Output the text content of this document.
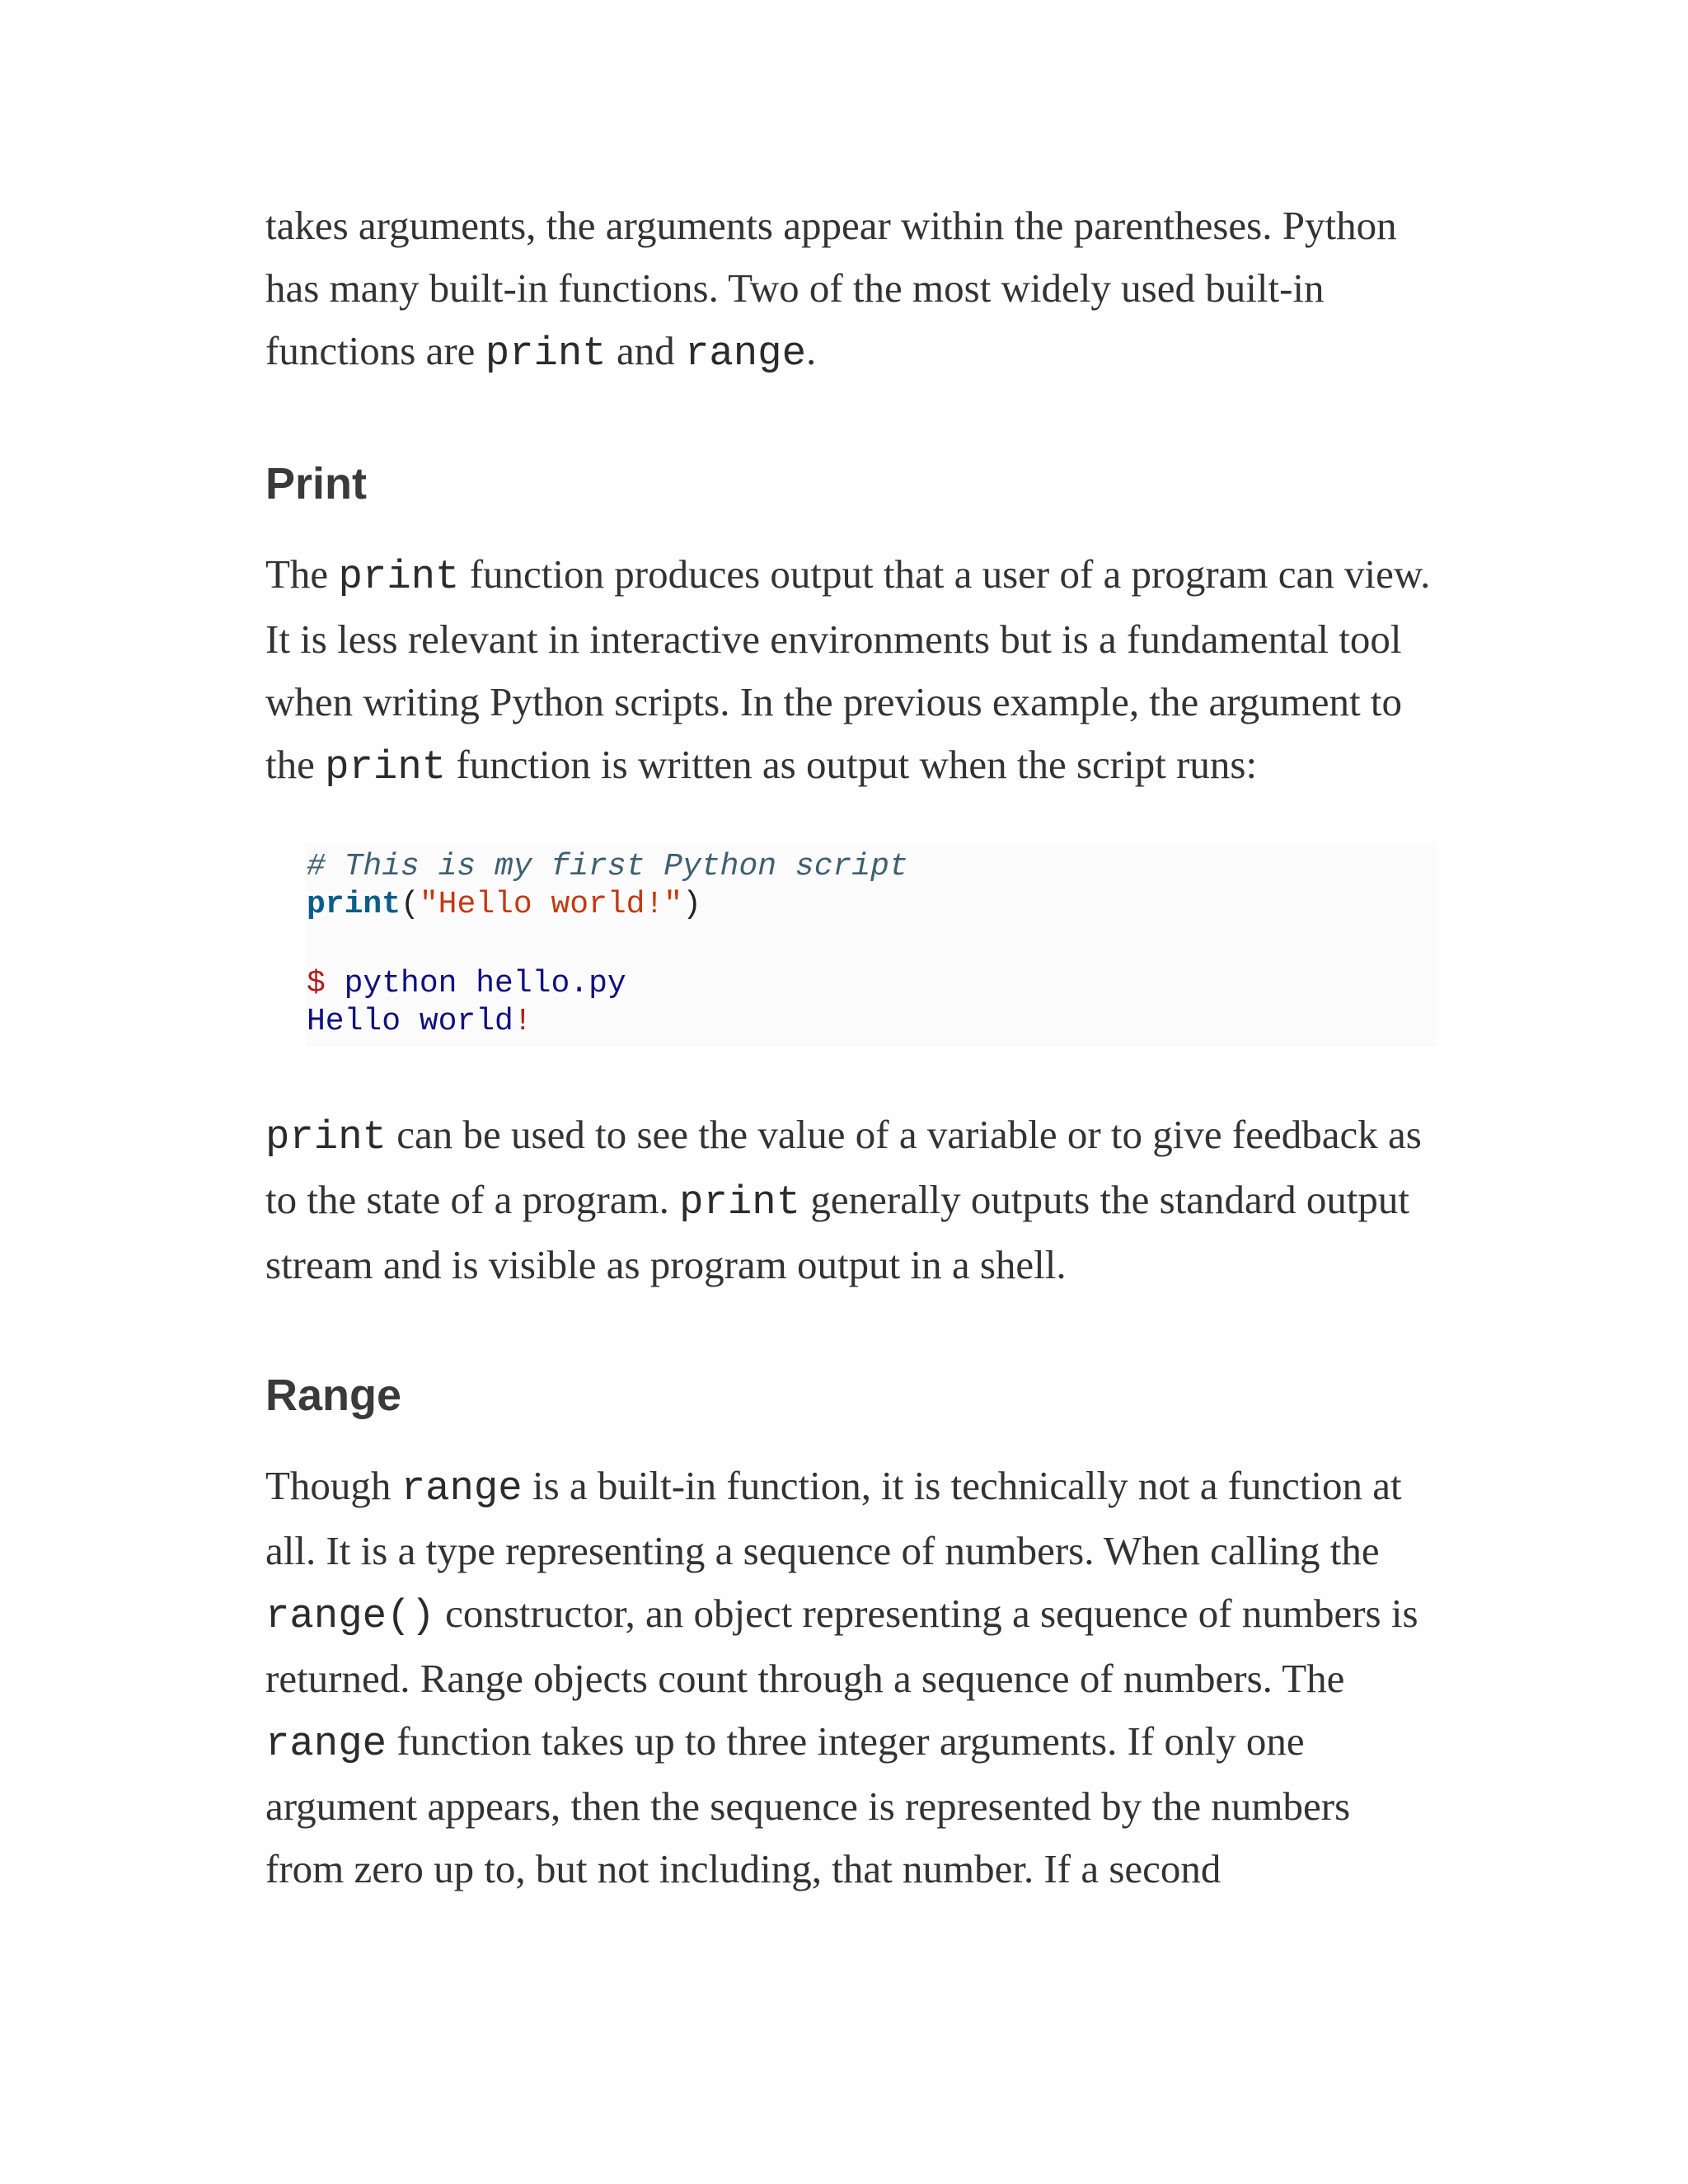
takes arguments, the arguments appear within the parentheses. Python has many built-in functions. Two of the most widely used built-in functions are print and range.

Print

The print function produces output that a user of a program can view. It is less relevant in interactive environments but is a fundamental tool when writing Python scripts. In the previous example, the argument to the print function is written as output when the script runs:

# This is my first Python script
print("Hello world!")
$ python hello.py
Hello world!

print can be used to see the value of a variable or to give feedback as to the state of a program. print generally outputs the standard output stream and is visible as program output in a shell.

Range

Though range is a built-in function, it is technically not a function at all. It is a type representing a sequence of numbers. When calling the range() constructor, an object representing a sequence of numbers is returned. Range objects count through a sequence of numbers. The range function takes up to three integer arguments. If only one argument appears, then the sequence is represented by the numbers from zero up to, but not including, that number. If a second
